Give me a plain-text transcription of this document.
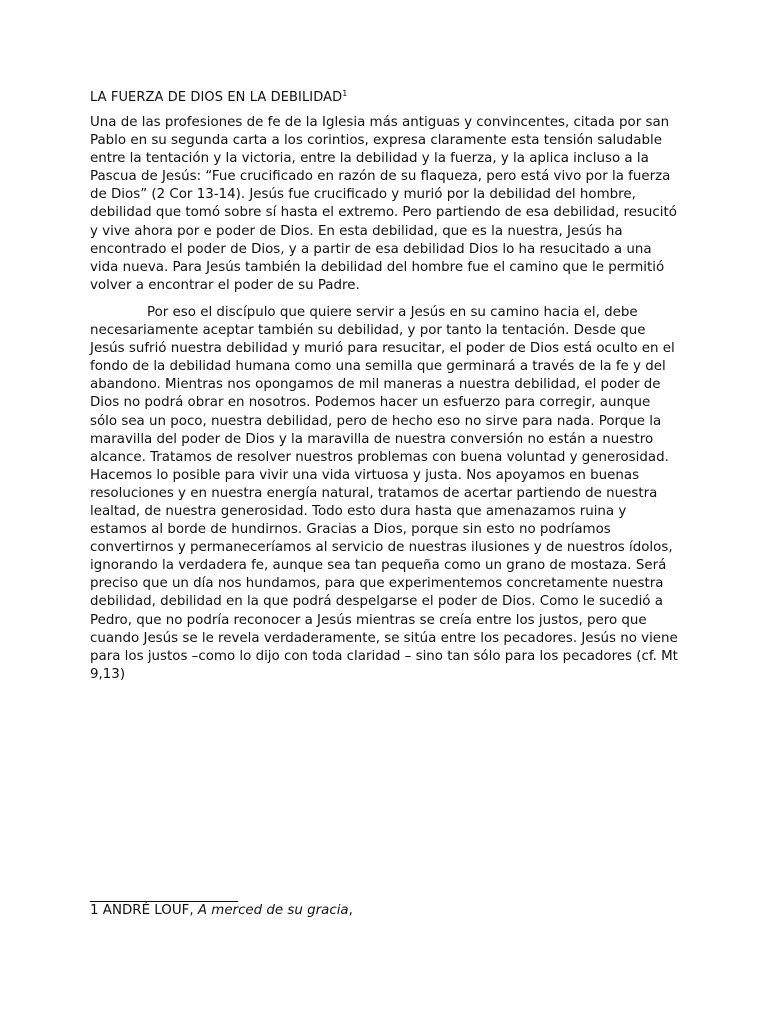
LA FUERZA DE DIOS EN LA DEBILIDAD$^1$

Una de las profesiones de fe de la Iglesia más antiguas y convincentes, citada por san Pablo en su segunda carta a los corintios, expresa claramente esta tensión saludable entre la tentación y la victoria, entre la debilidad y la fuerza, y la aplica incluso a la Pascua de Jesús: “Fue crucificado en razón de su flaqueza, pero está vivo por la fuerza de Dios” (2 Cor 13-14). Jesús fue crucificado y murió por la debilidad del hombre, debilidad que tomó sobre sí hasta el extremo. Pero partiendo de esa debilidad, resucitó y vive ahora por e poder de Dios. En esta debilidad, que es la nuestra, Jesús ha encontrado el poder de Dios, y a partir de esa debilidad Dios lo ha resucitado a una vida nueva. Para Jesús también la debilidad del hombre fue el camino que le permitió volver a encontrar el poder de su Padre.

Por eso el discípulo que quiere servir a Jesús en su camino hacia el, debe necesariamente aceptar también su debilidad, y por tanto la tentación. Desde que Jesús sufrió nuestra debilidad y murió para resucitar, el poder de Dios está oculto en el fondo de la debilidad humana como una semilla que germinará a través de la fe y del abandono. Mientras nos opongamos de mil maneras a nuestra debilidad, el poder de Dios no podrá obrar en nosotros. Podemos hacer un esfuerzo para corregir, aunque sólo sea un poco, nuestra debilidad, pero de hecho eso no sirve para nada. Porque la maravilla del poder de Dios y la maravilla de nuestra conversión no están a nuestro alcance. Tratamos de resolver nuestros problemas con buena voluntad y generosidad. Hacemos lo posible para vivir una vida virtuosa y justa. Nos apoyamos en buenas resoluciones y en nuestra energía natural, tratamos de acertar partiendo de nuestra lealtad, de nuestra generosidad. Todo esto dura hasta que amenazamos ruina y estamos al borde de hundirnos. Gracias a Dios, porque sin esto no podríamos convertirnos y permaneceríamos al servicio de nuestras ilusiones y de nuestros ídolos, ignorando la verdadera fe, aunque sea tan pequeña como un grano de mostaza. Será preciso que un día nos hundamos, para que experimentemos concretamente nuestra debilidad, debilidad en la que podrá despelgarse el poder de Dios. Como le sucedió a Pedro, que no podría reconocer a Jesús mientras se creía entre los justos, pero que cuando Jesús se le revela verdaderamente, se sitúa entre los pecadores. Jesús no viene para los justos –como lo dijo con toda claridad – sino tan sólo para los pecadores (cf. Mt 9,13)

1 ANDRÉ LOUF, A merced de su gracia,
